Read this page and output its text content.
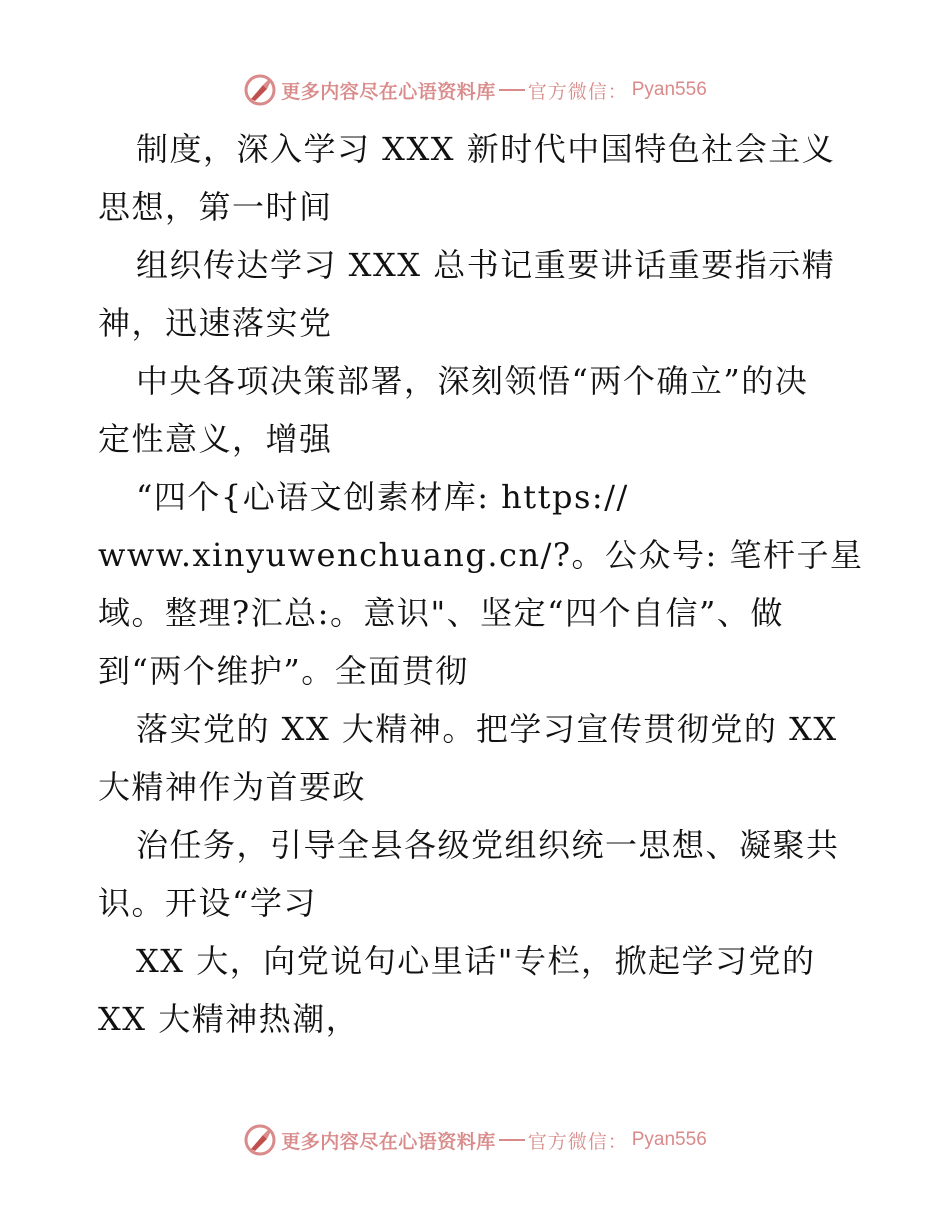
更多内容尽在心语资料库 官方微信： Pyan556
制度，深入学习 XXX 新时代中国特色社会主义
思想，第一时间
组织传达学习 XXX 总书记重要讲话重要指示精
神，迅速落实党
中央各项决策部署，深刻领悟“两个确立”的决
定性意义，增强
“四个{心语文创素材库: https://
www.xinyuwenchuang.cn/?。公众号: 笔杆子星
域。整理?汇总:。意识"、坚定“四个自信”、做
到“两个维护”。全面贯彻
落实党的 XX 大精神。把学习宣传贯彻党的 XX
大精神作为首要政
治任务，引导全县各级党组织统一思想、凝聚共
识。开设“学习
XX 大，向党说句心里话"专栏，掀起学习党的
XX 大精神热潮，
更多内容尽在心语资料库 官方微信： Pyan556
